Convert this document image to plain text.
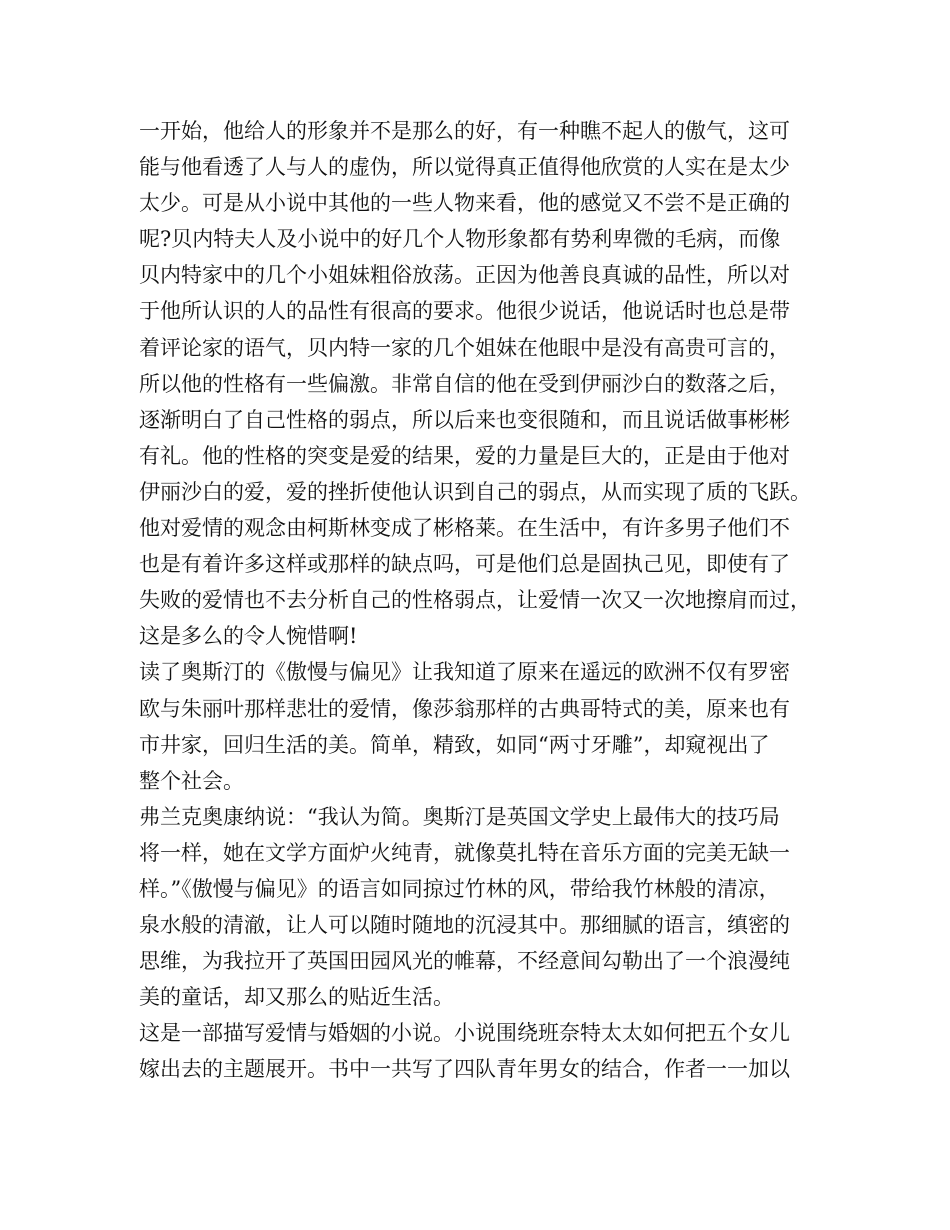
一开始，他给人的形象并不是那么的好，有一种瞧不起人的傲气，这可
能与他看透了人与人的虚伪，所以觉得真正值得他欣赏的人实在是太少
太少。可是从小说中其他的一些人物来看，他的感觉又不尝不是正确的
呢?贝内特夫人及小说中的好几个人物形象都有势利卑微的毛病，而像
贝内特家中的几个小姐妹粗俗放荡。正因为他善良真诚的品性，所以对
于他所认识的人的品性有很高的要求。他很少说话，他说话时也总是带
着评论家的语气，贝内特一家的几个姐妹在他眼中是没有高贵可言的，
所以他的性格有一些偏激。非常自信的他在受到伊丽沙白的数落之后，
逐渐明白了自己性格的弱点，所以后来也变很随和，而且说话做事彬彬
有礼。他的性格的突变是爱的结果，爱的力量是巨大的，正是由于他对
伊丽沙白的爱，爱的挫折使他认识到自己的弱点，从而实现了质的飞跃。
他对爱情的观念由柯斯林变成了彬格莱。在生活中，有许多男子他们不
也是有着许多这样或那样的缺点吗，可是他们总是固执己见，即使有了
失败的爱情也不去分析自己的性格弱点，让爱情一次又一次地擦肩而过，
这是多么的令人惋惜啊!
读了奥斯汀的《傲慢与偏见》让我知道了原来在遥远的欧洲不仅有罗密
欧与朱丽叶那样悲壮的爱情，像莎翁那样的古典哥特式的美，原来也有
市井家，回归生活的美。简单，精致，如同“两寸牙雕”，却窥视出了
整个社会。
弗兰克奥康纳说：“我认为简。奥斯汀是英国文学史上最伟大的技巧局
将一样，她在文学方面炉火纯青，就像莫扎特在音乐方面的完美无缺一
样。”《傲慢与偏见》的语言如同掠过竹林的风，带给我竹林般的清凉，
泉水般的清澈，让人可以随时随地的沉浸其中。那细腻的语言，缜密的
思维，为我拉开了英国田园风光的帷幕，不经意间勾勒出了一个浪漫纯
美的童话，却又那么的贴近生活。
这是一部描写爱情与婚姻的小说。小说围绕班奈特太太如何把五个女儿
嫁出去的主题展开。书中一共写了四队青年男女的结合，作者一一加以
